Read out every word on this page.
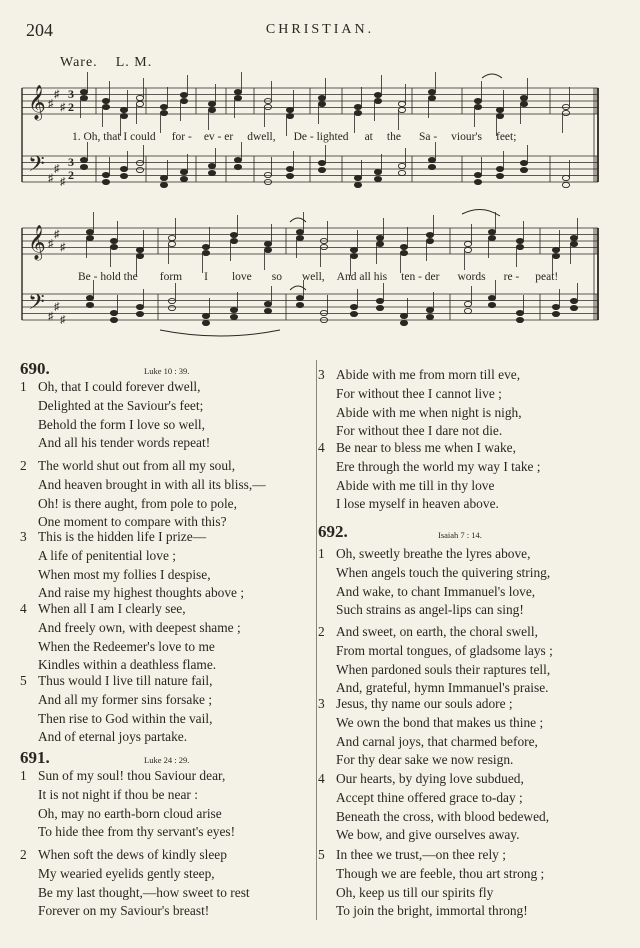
204	CHRISTIAN.
Ware. L. M.
𝄞
𝄢
♯
♯
♯
♯
♯
♯
3
3
2
2
𝄞
𝄢
♯
♯
♯
♯
♯
♯
1. Oh, that I could for - ev - er dwell, De - lighted at the Sa - viour's feet;
Be - hold the form I love so well, And all his ten - der words re - peat!
690.	Luke 10 : 39.
691.	Luke 24 : 29.
692.	Isaiah 7 : 14.
1 Oh, that I could forever dwell,
Delighted at the Saviour's feet;
Behold the form I love so well,
And all his tender words repeat!
2 The world shut out from all my soul,
And heaven brought in with all its bliss,—
Oh! is there aught, from pole to pole,
One moment to compare with this?
3 This is the hidden life I prize—
A life of penitential love ;
When most my follies I despise,
And raise my highest thoughts above ;
4 When all I am I clearly see,
And freely own, with deepest shame ;
When the Redeemer's love to me
Kindles within a deathless flame.
5 Thus would I live till nature fail,
And all my former sins forsake ;
Then rise to God within the vail,
And of eternal joys partake.
1 Sun of my soul! thou Saviour dear,
It is not night if thou be near :
Oh, may no earth-born cloud arise
To hide thee from thy servant's eyes!
2 When soft the dews of kindly sleep
My wearied eyelids gently steep,
Be my last thought,—how sweet to rest
Forever on my Saviour's breast!
3 Abide with me from morn till eve,
For without thee I cannot live ;
Abide with me when night is nigh,
For without thee I dare not die.
4 Be near to bless me when I wake,
Ere through the world my way I take ;
Abide with me till in thy love
I lose myself in heaven above.
1 Oh, sweetly breathe the lyres above,
When angels touch the quivering string,
And wake, to chant Immanuel's love,
Such strains as angel-lips can sing!
2 And sweet, on earth, the choral swell,
From mortal tongues, of gladsome lays ;
When pardoned souls their raptures tell,
And, grateful, hymn Immanuel's praise.
3 Jesus, thy name our souls adore ;
We own the bond that makes us thine ;
And carnal joys, that charmed before,
For thy dear sake we now resign.
4 Our hearts, by dying love subdued,
Accept thine offered grace to-day ;
Beneath the cross, with blood bedewed,
We bow, and give ourselves away.
5 In thee we trust,—on thee rely ;
Though we are feeble, thou art strong ;
Oh, keep us till our spirits fly
To join the bright, immortal throng!
